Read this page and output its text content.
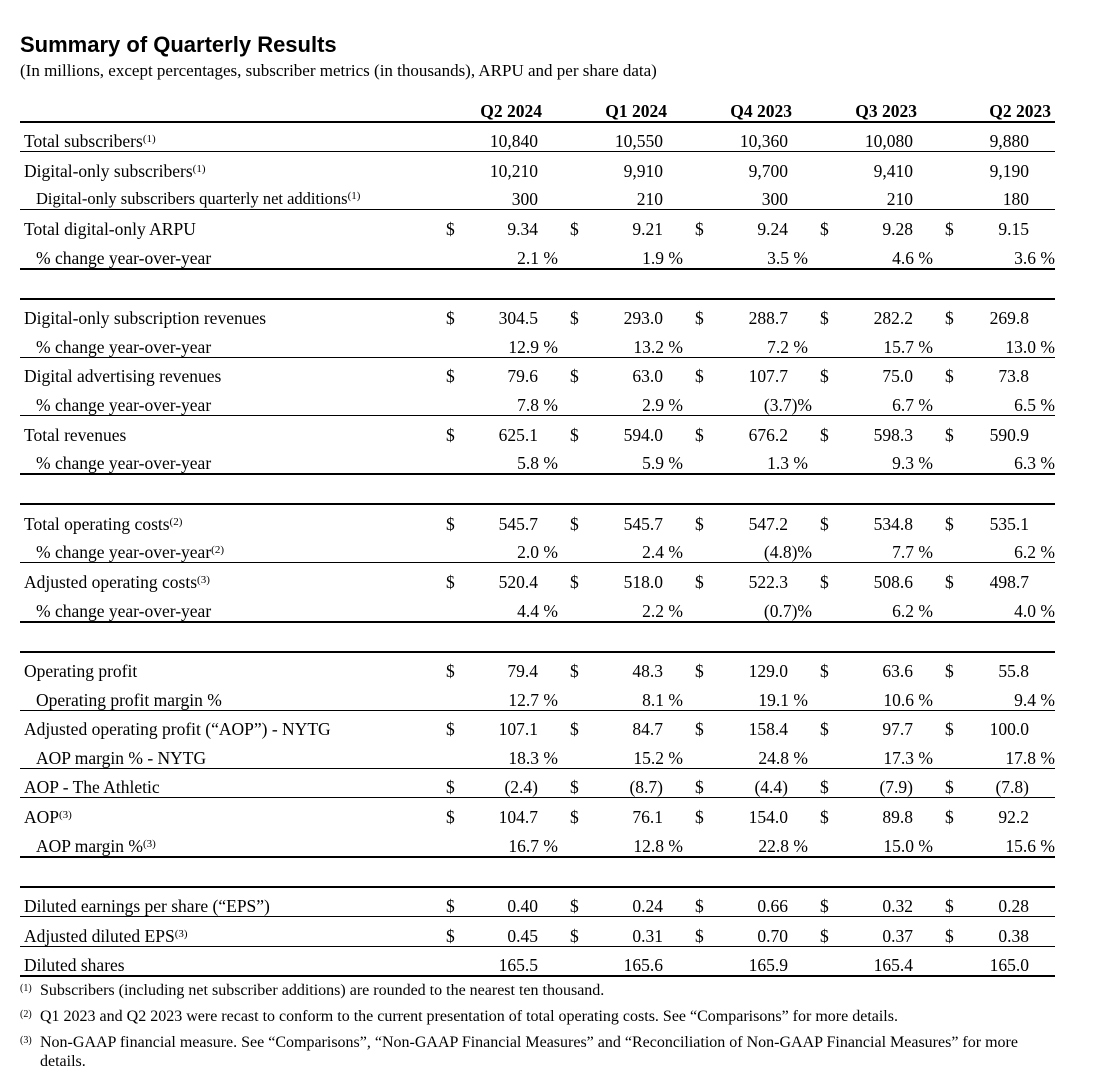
Summary of Quarterly Results
(In millions, except percentages, subscriber metrics (in thousands), ARPU and per share data)
	Q2 2024		Q1 2024		Q4 2023		Q3 2023		Q2 2023	
Total subscribers$^{(1)}$		10,840		10,550		10,360		10,080		9,880
Digital-only subscribers$^{(1)}$		10,210		9,910		9,700		9,410		9,190
Digital-only subscribers quarterly net additions$^{(1)}$		300		210		300		210		180
Total digital-only ARPU	$	9.34	$	9.21	$	9.24	$	9.28	$	9.15
% change year-over-year		2.1 %		1.9 %		3.5 %		4.6 %		3.6 %

Digital-only subscription revenues	$	304.5	$	293.0	$	288.7	$	282.2	$	269.8
% change year-over-year		12.9 %		13.2 %		7.2 %		15.7 %		13.0 %
Digital advertising revenues	$	79.6	$	63.0	$	107.7	$	75.0	$	73.8
% change year-over-year		7.8 %		2.9 %		(3.7)%		6.7 %		6.5 %
Total revenues	$	625.1	$	594.0	$	676.2	$	598.3	$	590.9
% change year-over-year		5.8 %		5.9 %		1.3 %		9.3 %		6.3 %

Total operating costs$^{(2)}$	$	545.7	$	545.7	$	547.2	$	534.8	$	535.1
% change year-over-year$^{(2)}$		2.0 %		2.4 %		(4.8)%		7.7 %		6.2 %
Adjusted operating costs$^{(3)}$	$	520.4	$	518.0	$	522.3	$	508.6	$	498.7
% change year-over-year		4.4 %		2.2 %		(0.7)%		6.2 %		4.0 %

Operating profit	$	79.4	$	48.3	$	129.0	$	63.6	$	55.8
Operating profit margin %		12.7 %		8.1 %		19.1 %		10.6 %		9.4 %
Adjusted operating profit (“AOP”) - NYTG	$	107.1	$	84.7	$	158.4	$	97.7	$	100.0
AOP margin % - NYTG		18.3 %		15.2 %		24.8 %		17.3 %		17.8 %
AOP - The Athletic	$	(2.4)	$	(8.7)	$	(4.4)	$	(7.9)	$	(7.8)
AOP$^{(3)}$	$	104.7	$	76.1	$	154.0	$	89.8	$	92.2
AOP margin %$^{(3)}$		16.7 %		12.8 %		22.8 %		15.0 %		15.6 %

Diluted earnings per share (“EPS”)	$	0.40	$	0.24	$	0.66	$	0.32	$	0.28
Adjusted diluted EPS$^{(3)}$	$	0.45	$	0.31	$	0.70	$	0.37	$	0.38
Diluted shares		165.5		165.6		165.9		165.4		165.0
$^{(1)}$ Subscribers (including net subscriber additions) are rounded to the nearest ten thousand.
$^{(2)}$ Q1 2023 and Q2 2023 were recast to conform to the current presentation of total operating costs. See “Comparisons” for more details.
$^{(3)}$ Non-GAAP financial measure. See “Comparisons”, “Non-GAAP Financial Measures” and “Reconciliation of Non-GAAP Financial Measures” for more details.
